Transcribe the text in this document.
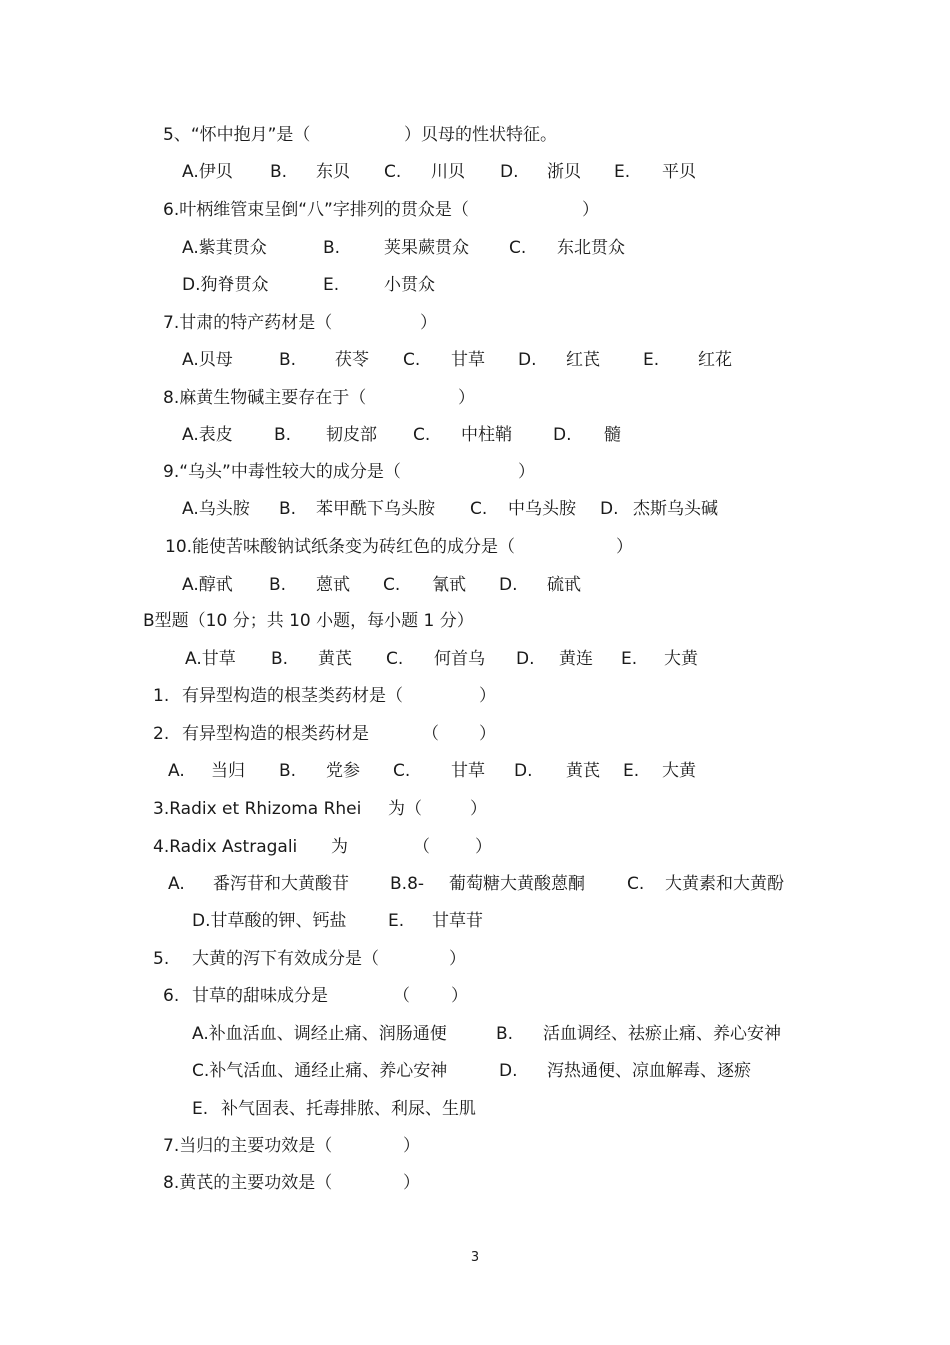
5、“怀中抱月”是（	）贝母的性状特征。
A.伊贝 B. 东贝 C. 川贝 D. 浙贝 E. 平贝
6.叶柄维管束呈倒“八”字排列的贯众是（	）
A.紫萁贯众	B.	荚果蕨贯众 C. 东北贯众
D.狗脊贯众	E.	小贯众
7.甘肃的特产药材是（	）
A.贝母	B. 茯苓 C. 甘草 D. 红芪	E. 红花
8.麻黄生物碱主要存在于（	）
A.表皮 B. 韧皮部 C. 中柱鞘 D. 髓
9.“乌头”中毒性较大的成分是（	）
A.乌头胺 B. 苯甲酰下乌头胺 C. 中乌头胺 D. 杰斯乌头碱
10.能使苦味酸钠试纸条变为砖红色的成分是（	）
A.醇甙 B. 蒽甙 C. 氰甙 D. 硫甙
B型题（10 分；共 10 小题，每小题 1 分）
A.甘草 B. 黄芪 C. 何首乌 D. 黄连 E. 大黄
1. 有异型构造的根茎类药材是（	）
2. 有异型构造的根类药材是	（ ）
A. 当归 B. 党参 C. 甘草 D. 黄芪 E. 大黄
3.Radix et Rhizoma Rhei 为（	）
4.Radix Astragali 为	（	）
A. 番泻苷和大黄酸苷 B.8- 葡萄糖大黄酸蒽酮 C. 大黄素和大黄酚
D.甘草酸的钾、钙盐 E. 甘草苷
5. 大黄的泻下有效成分是（	）
6. 甘草的甜味成分是	（ ）
A.补血活血、调经止痛、润肠通便	B. 活血调经、祛瘀止痛、养心安神
C.补气活血、通经止痛、养心安神	D. 泻热通便、凉血解毒、逐瘀
E. 补气固表、托毒排脓、利尿、生肌
7.当归的主要功效是（	）
8.黄芪的主要功效是（	）
3
